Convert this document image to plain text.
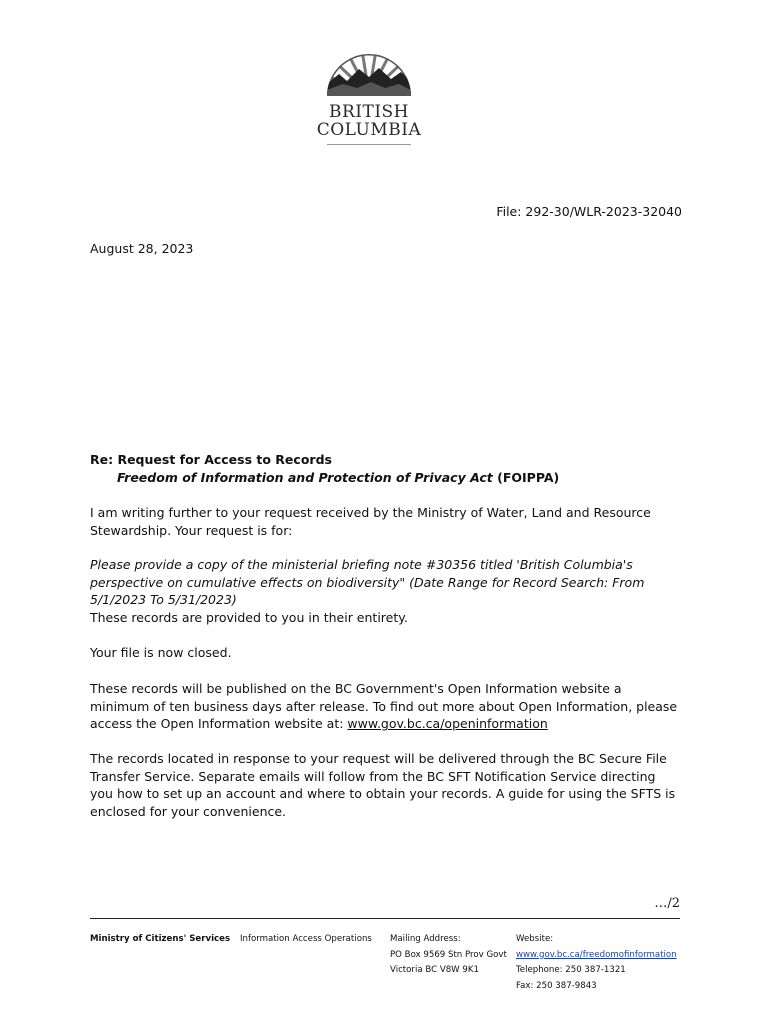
BRITISH
COLUMBIA
File: 292-30/WLR-2023-32040
August 28, 2023
Re: Request for Access to Records
Freedom of Information and Protection of Privacy Act (FOIPPA)
I am writing further to your request received by the Ministry of Water, Land and Resource Stewardship. Your request is for:
Please provide a copy of the ministerial briefing note #30356 titled 'British Columbia's perspective on cumulative effects on biodiversity" (Date Range for Record Search: From 5/1/2023 To 5/31/2023)
These records are provided to you in their entirety.
Your file is now closed.
These records will be published on the BC Government's Open Information website a minimum of ten business days after release. To find out more about Open Information, please access the Open Information website at: www.gov.bc.ca/openinformation
The records located in response to your request will be delivered through the BC Secure File Transfer Service. Separate emails will follow from the BC SFT Notification Service directing you how to set up an account and where to obtain your records. A guide for using the SFTS is enclosed for your convenience.
…/2
Ministry of Citizens' Services Information Access Operations Mailing Address:
PO Box 9569 Stn Prov Govt
Victoria BC V8W 9K1
Website:
www.gov.bc.ca/freedomofinformation
Telephone: 250 387-1321
Fax: 250 387-9843
